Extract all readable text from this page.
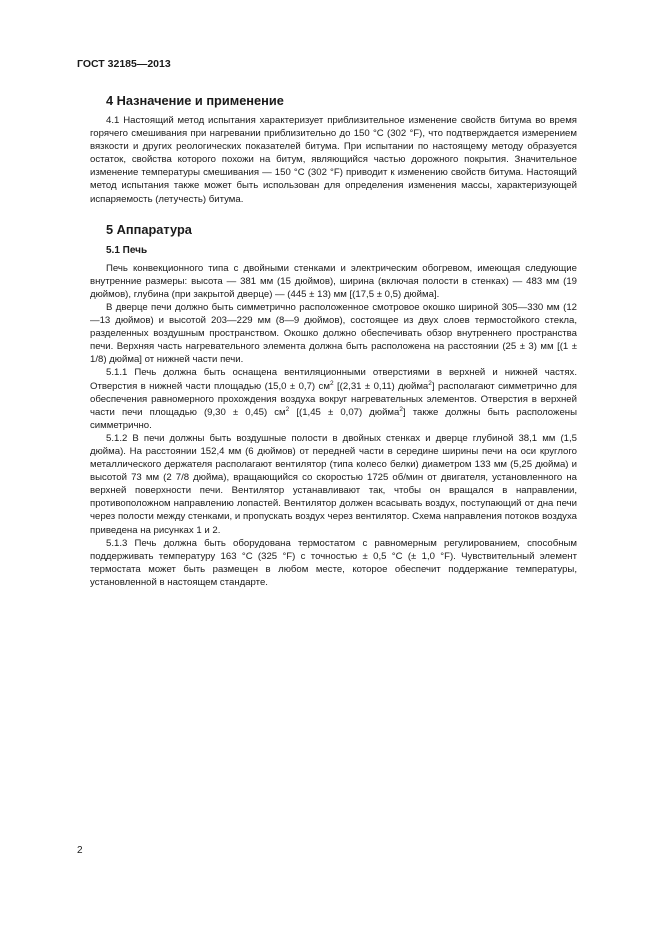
ГОСТ 32185—2013
4 Назначение и применение

4.1 Настоящий метод испытания характеризует приблизительное изменение свойств битума во время горячего смешивания при нагревании приблизительно до 150 °C (302 °F), что подтверждается измерением вязкости и других реологических показателей битума. При испытании по настоящему методу образуется остаток, свойства которого похожи на битум, являющийся частью дорожного покрытия. Значительное изменение температуры смешивания — 150 °C (302 °F) приводит к изменению свойств битума. Настоящий метод испытания также может быть использован для определения изменения массы, характеризующей испаряемость (летучесть) битума.

5 Аппаратура
5.1 Печь

Печь конвекционного типа с двойными стенками и электрическим обогревом, имеющая следующие внутренние размеры: высота — 381 мм (15 дюймов), ширина (включая полости в стенках) — 483 мм (19 дюймов), глубина (при закрытой дверце) — (445 ± 13) мм [(17,5 ± 0,5) дюйма].

В дверце печи должно быть симметрично расположенное смотровое окошко шириной 305—330 мм (12—13 дюймов) и высотой 203—229 мм (8—9 дюймов), состоящее из двух слоев термостойкого стекла, разделенных воздушным пространством. Окошко должно обеспечивать обзор внутреннего пространства печи. Верхняя часть нагревательного элемента должна быть расположена на расстоянии (25 ± 3) мм [(1 ± 1/8) дюйма] от нижней части печи.

5.1.1 Печь должна быть оснащена вентиляционными отверстиями в верхней и нижней частях. Отверстия в нижней части площадью (15,0 ± 0,7) $см^2$ [(2,31 ± 0,11) дюйма$^2$] располагают симметрично для обеспечения равномерного прохождения воздуха вокруг нагревательных элементов. Отверстия в верхней части печи площадью (9,30 ± 0,45) $см^2$ [(1,45 ± 0,07) дюйма$^2$] также должны быть расположены симметрично.

5.1.2 В печи должны быть воздушные полости в двойных стенках и дверце глубиной 38,1 мм (1,5 дюйма). На расстоянии 152,4 мм (6 дюймов) от передней части в середине ширины печи на оси круглого металлического держателя располагают вентилятор (типа колесо белки) диаметром 133 мм (5,25 дюйма) и высотой 73 мм (2 7/8 дюйма), вращающийся со скоростью 1725 об/мин от двигателя, установленного на верхней поверхности печи. Вентилятор устанавливают так, чтобы он вращался в направлении, противоположном направлению лопастей. Вентилятор должен всасывать воздух, поступающий от дна печи через полости между стенками, и пропускать воздух через вентилятор. Схема направления потоков воздуха приведена на рисунках 1 и 2.

5.1.3 Печь должна быть оборудована термостатом с равномерным регулированием, способным поддерживать температуру 163 °C (325 °F) с точностью ± 0,5 °C (± 1,0 °F). Чувствительный элемент термостата может быть размещен в любом месте, которое обеспечит поддержание температуры, установленной в настоящем стандарте.

2
